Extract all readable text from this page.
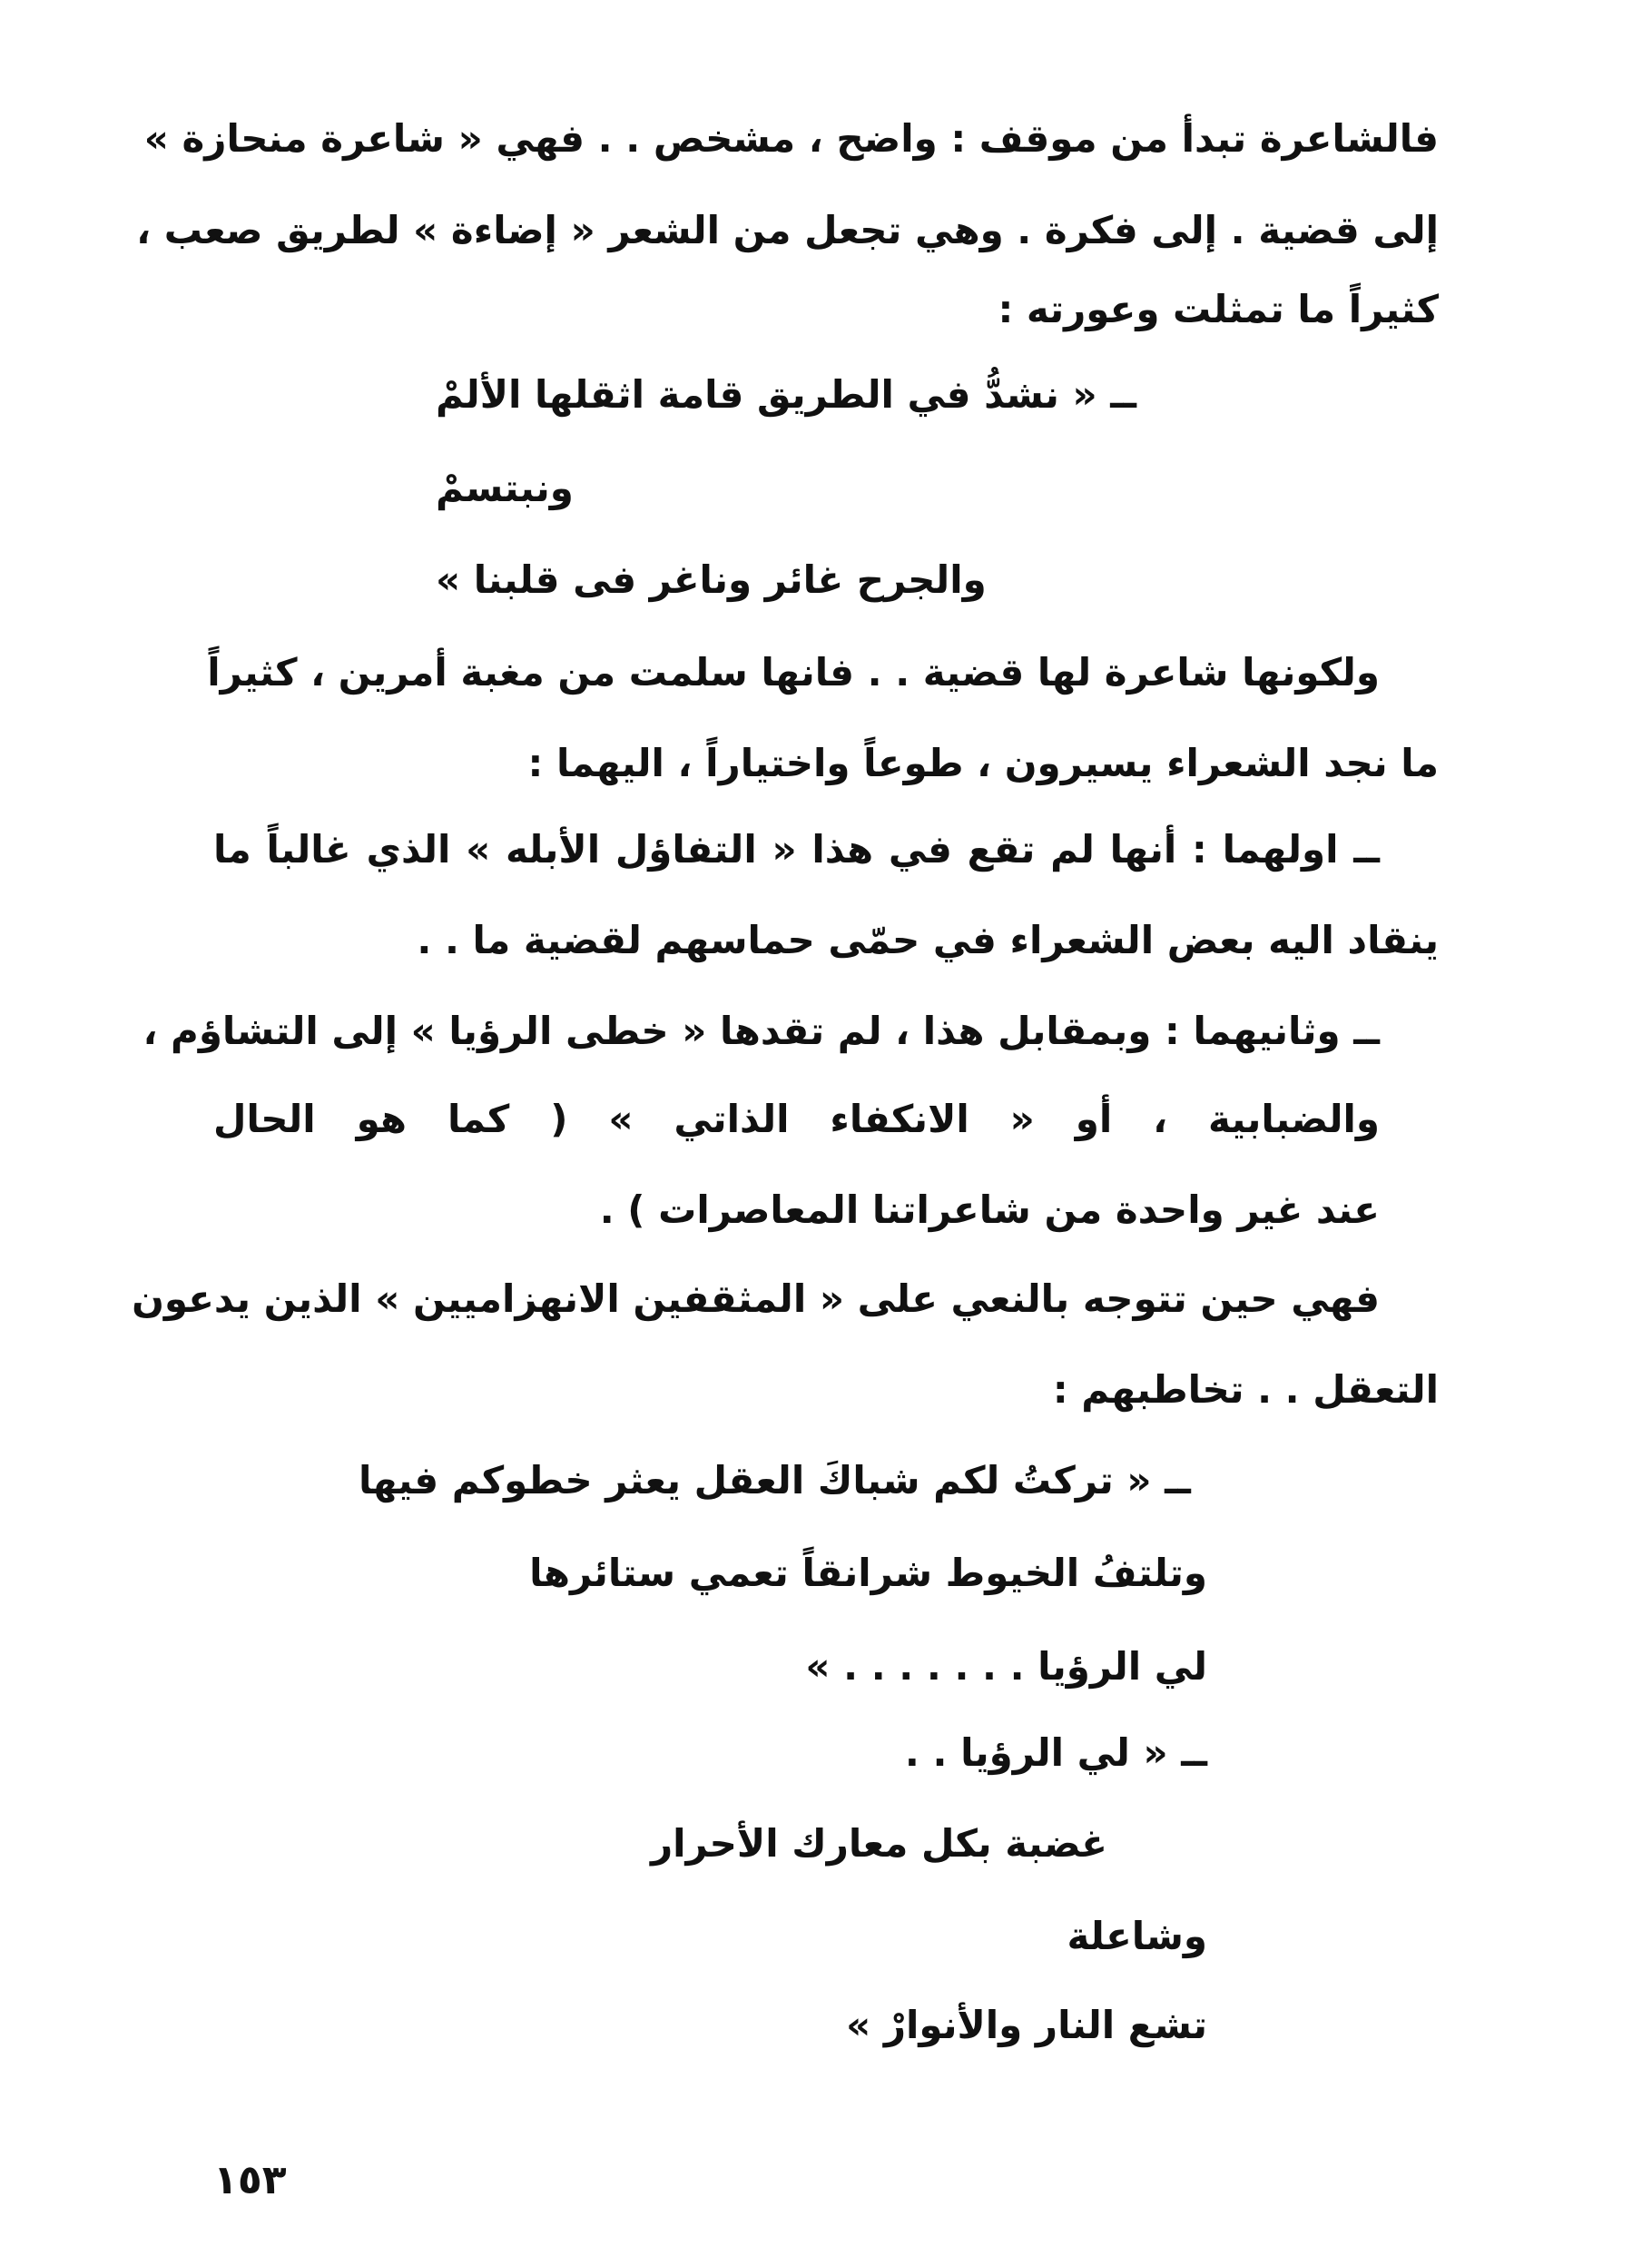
فالشاعرة تبدأ من موقف : واضح ، مشخص . . فهي « شاعرة منحازة »
إلى قضية . إلى فكرة . وهي تجعل من الشعر « إضاءة » لطريق صعب ،
كثيراً ما تمثلت وعورته :
ــ « نشدُّ في الطريق قامة اثقلها الألمْ
ونبتسمْ
والجرح غائر وناغر فى قلبنا »
ولكونها شاعرة لها قضية . . فانها سلمت من مغبة أمرين ، كثيراً
ما نجد الشعراء يسيرون ، طوعاً واختياراً ، اليهما :
ــ اولهما : أنها لم تقع في هذا « التفاؤل الأبله » الذي غالباً ما
ينقاد اليه بعض الشعراء في حمّى حماسهم لقضية ما . .
ــ وثانيهما : وبمقابل هذا ، لم تقدها « خطى الرؤيا » إلى التشاؤم ،
والضبابية ، أو « الانكفاء الذاتي » ( كما هو الحال
عند غير واحدة من شاعراتنا المعاصرات ) .
فهي حين تتوجه بالنعي على « المثقفين الانهزاميين » الذين يدعون
التعقل . . تخاطبهم :
ــ « تركتُ لكم شباكَ العقل يعثر خطوكم فيها
وتلتفُ الخيوط شرانقاً تعمي ستائرها
لي الرؤيا . . . . . . . »
ــ « لي الرؤيا . .
غضبة بكل معارك الأحرار
وشاعلة
تشع النار والأنوارْ »
١٥٣
